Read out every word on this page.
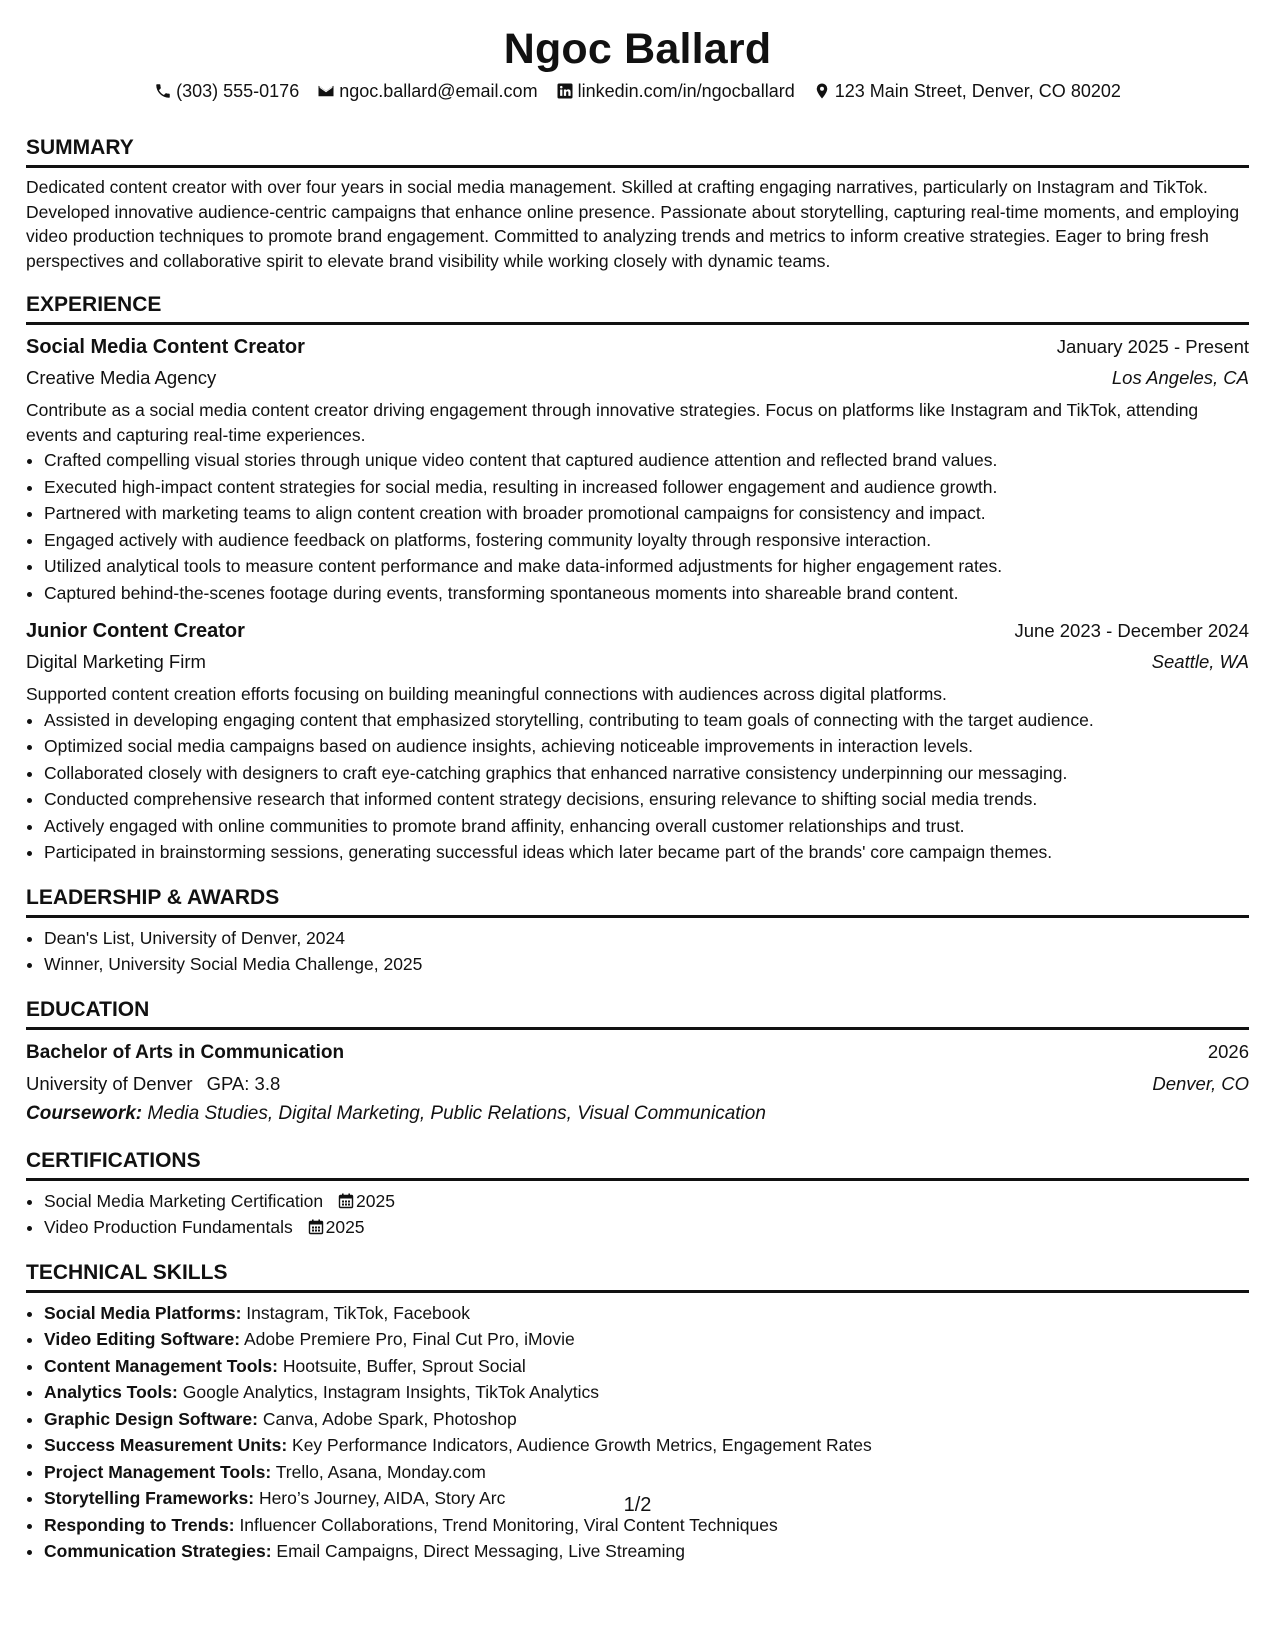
Ngoc Ballard
(303) 555-0176 ngoc.ballard@email.com linkedin.com/in/ngocballard 123 Main Street, Denver, CO 80202
SUMMARY

Dedicated content creator with over four years in social media management. Skilled at crafting engaging narratives, particularly on Instagram and TikTok. Developed innovative audience-centric campaigns that enhance online presence. Passionate about storytelling, capturing real-time moments, and employing video production techniques to promote brand engagement. Committed to analyzing trends and metrics to inform creative strategies. Eager to bring fresh perspectives and collaborative spirit to elevate brand visibility while working closely with dynamic teams.

EXPERIENCE
Social Media Content Creator	January 2025 - Present
Creative Media Agency	Los Angeles, CA
Contribute as a social media content creator driving engagement through innovative strategies. Focus on platforms like Instagram and TikTok, attending events and capturing real-time experiences.
• Crafted compelling visual stories through unique video content that captured audience attention and reflected brand values.
• Executed high-impact content strategies for social media, resulting in increased follower engagement and audience growth.
• Partnered with marketing teams to align content creation with broader promotional campaigns for consistency and impact.
• Engaged actively with audience feedback on platforms, fostering community loyalty through responsive interaction.
• Utilized analytical tools to measure content performance and make data-informed adjustments for higher engagement rates.
• Captured behind-the-scenes footage during events, transforming spontaneous moments into shareable brand content.
Junior Content Creator	June 2023 - December 2024
Digital Marketing Firm	Seattle, WA
Supported content creation efforts focusing on building meaningful connections with audiences across digital platforms.
• Assisted in developing engaging content that emphasized storytelling, contributing to team goals of connecting with the target audience.
• Optimized social media campaigns based on audience insights, achieving noticeable improvements in interaction levels.
• Collaborated closely with designers to craft eye-catching graphics that enhanced narrative consistency underpinning our messaging.
• Conducted comprehensive research that informed content strategy decisions, ensuring relevance to shifting social media trends.
• Actively engaged with online communities to promote brand affinity, enhancing overall customer relationships and trust.
• Participated in brainstorming sessions, generating successful ideas which later became part of the brands' core campaign themes.
LEADERSHIP & AWARDS
• Dean's List, University of Denver, 2024
• Winner, University Social Media Challenge, 2025
EDUCATION
Bachelor of Arts in Communication	2026
University of Denver GPA: 3.8	Denver, CO
Coursework: Media Studies, Digital Marketing, Public Relations, Visual Communication
CERTIFICATIONS
• Social Media Marketing Certification 2025
• Video Production Fundamentals 2025
TECHNICAL SKILLS
• Social Media Platforms: Instagram, TikTok, Facebook
• Video Editing Software: Adobe Premiere Pro, Final Cut Pro, iMovie
• Content Management Tools: Hootsuite, Buffer, Sprout Social
• Analytics Tools: Google Analytics, Instagram Insights, TikTok Analytics
• Graphic Design Software: Canva, Adobe Spark, Photoshop
• Success Measurement Units: Key Performance Indicators, Audience Growth Metrics, Engagement Rates
• Project Management Tools: Trello, Asana, Monday.com
• Storytelling Frameworks: Hero’s Journey, AIDA, Story Arc
• Responding to Trends: Influencer Collaborations, Trend Monitoring, Viral Content Techniques
• Communication Strategies: Email Campaigns, Direct Messaging, Live Streaming
1/2
